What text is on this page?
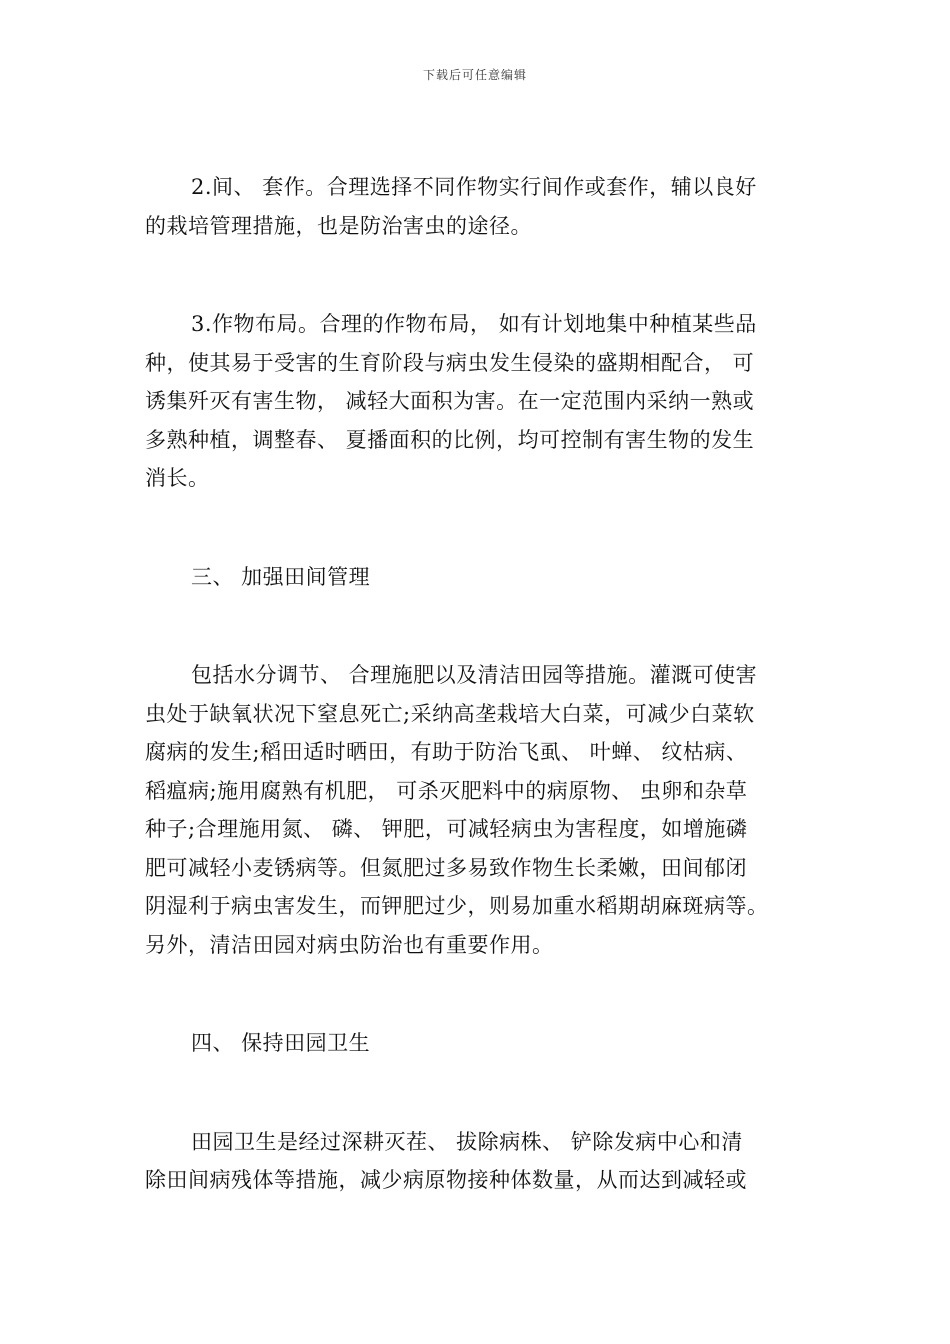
下载后可任意编辑
2.间、 套作。合理选择不同作物实行间作或套作，辅以良好
的栽培管理措施，也是防治害虫的途径。
3.作物布局。合理的作物布局， 如有计划地集中种植某些品
种，使其易于受害的生育阶段与病虫发生侵染的盛期相配合， 可
诱集歼灭有害生物， 减轻大面积为害。在一定范围内采纳一熟或
多熟种植，调整春、 夏播面积的比例，均可控制有害生物的发生
消长。
三、 加强田间管理
包括水分调节、 合理施肥以及清洁田园等措施。灌溉可使害
虫处于缺氧状况下窒息死亡;采纳高垄栽培大白菜，可减少白菜软
腐病的发生;稻田适时晒田，有助于防治飞虱、 叶蝉、 纹枯病、
稻瘟病;施用腐熟有机肥， 可杀灭肥料中的病原物、 虫卵和杂草
种子;合理施用氮、 磷、 钾肥，可减轻病虫为害程度，如增施磷
肥可减轻小麦锈病等。但氮肥过多易致作物生长柔嫩，田间郁闭
阴湿利于病虫害发生，而钾肥过少，则易加重水稻期胡麻斑病等。
另外，清洁田园对病虫防治也有重要作用。
四、 保持田园卫生
田园卫生是经过深耕灭茬、 拔除病株、 铲除发病中心和清
除田间病残体等措施，减少病原物接种体数量，从而达到减轻或
